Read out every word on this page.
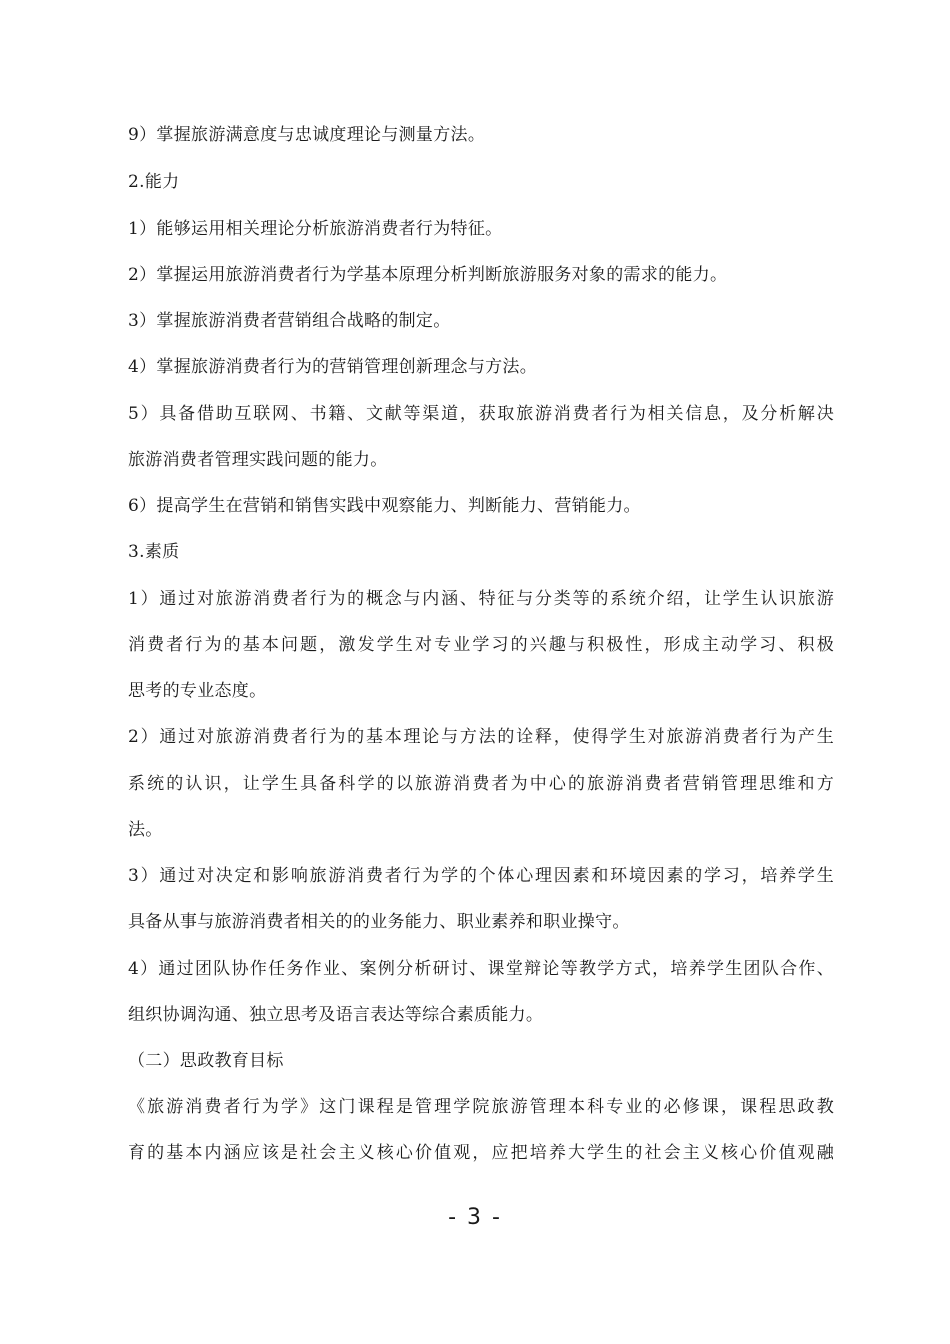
9）掌握旅游满意度与忠诚度理论与测量方法。
2.能力
1）能够运用相关理论分析旅游消费者行为特征。
2）掌握运用旅游消费者行为学基本原理分析判断旅游服务对象的需求的能力。
3）掌握旅游消费者营销组合战略的制定。
4）掌握旅游消费者行为的营销管理创新理念与方法。
5）具备借助互联网、书籍、文献等渠道，获取旅游消费者行为相关信息，及分析解决
旅游消费者管理实践问题的能力。
6）提高学生在营销和销售实践中观察能力、判断能力、营销能力。
3.素质
1）通过对旅游消费者行为的概念与内涵、特征与分类等的系统介绍，让学生认识旅游
消费者行为的基本问题，激发学生对专业学习的兴趣与积极性，形成主动学习、积极
思考的专业态度。
2）通过对旅游消费者行为的基本理论与方法的诠释，使得学生对旅游消费者行为产生
系统的认识，让学生具备科学的以旅游消费者为中心的旅游消费者营销管理思维和方
法。
3）通过对决定和影响旅游消费者行为学的个体心理因素和环境因素的学习，培养学生
具备从事与旅游消费者相关的的业务能力、职业素养和职业操守。
4）通过团队协作任务作业、案例分析研讨、课堂辩论等教学方式，培养学生团队合作、
组织协调沟通、独立思考及语言表达等综合素质能力。
（二）思政教育目标
《旅游消费者行为学》这门课程是管理学院旅游管理本科专业的必修课，课程思政教
育的基本内涵应该是社会主义核心价值观，应把培养大学生的社会主义核心价值观融
- 3 -
